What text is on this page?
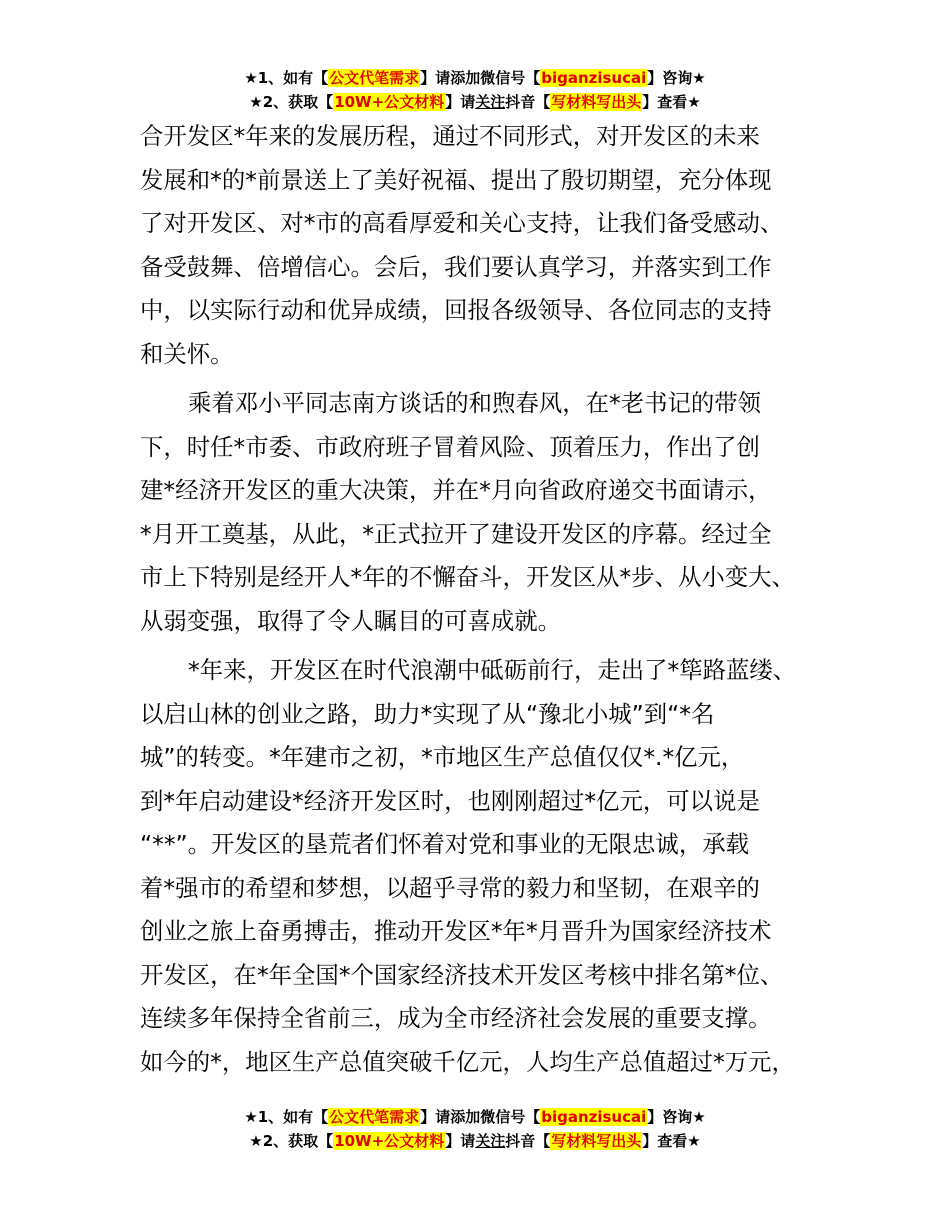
★1、如有【公文代笔需求】请添加微信号【biganzisucai】咨询★
★2、获取【10W+公文材料】请关注抖音【写材料写出头】查看★
合开发区*年来的发展历程，通过不同形式，对开发区的未来
发展和*的*前景送上了美好祝福、提出了殷切期望，充分体现
了对开发区、对*市的高看厚爱和关心支持，让我们备受感动、
备受鼓舞、倍增信心。会后，我们要认真学习，并落实到工作
中，以实际行动和优异成绩，回报各级领导、各位同志的支持
和关怀。
乘着邓小平同志南方谈话的和煦春风，在*老书记的带领
下，时任*市委、市政府班子冒着风险、顶着压力，作出了创
建*经济开发区的重大决策，并在*月向省政府递交书面请示，
*月开工奠基，从此，*正式拉开了建设开发区的序幕。经过全
市上下特别是经开人*年的不懈奋斗，开发区从*步、从小变大、
从弱变强，取得了令人瞩目的可喜成就。
*年来，开发区在时代浪潮中砥砺前行，走出了*筚路蓝缕、
以启山林的创业之路，助力*实现了从“豫北小城”到“*名
城”的转变。*年建市之初，*市地区生产总值仅仅*.*亿元，
到*年启动建设*经济开发区时，也刚刚超过*亿元，可以说是
“**”。开发区的垦荒者们怀着对党和事业的无限忠诚，承载
着*强市的希望和梦想，以超乎寻常的毅力和坚韧，在艰辛的
创业之旅上奋勇搏击，推动开发区*年*月晋升为国家经济技术
开发区，在*年全国*个国家经济技术开发区考核中排名第*位、
连续多年保持全省前三，成为全市经济社会发展的重要支撑。
如今的*，地区生产总值突破千亿元，人均生产总值超过*万元，
★1、如有【公文代笔需求】请添加微信号【biganzisucai】咨询★
★2、获取【10W+公文材料】请关注抖音【写材料写出头】查看★
